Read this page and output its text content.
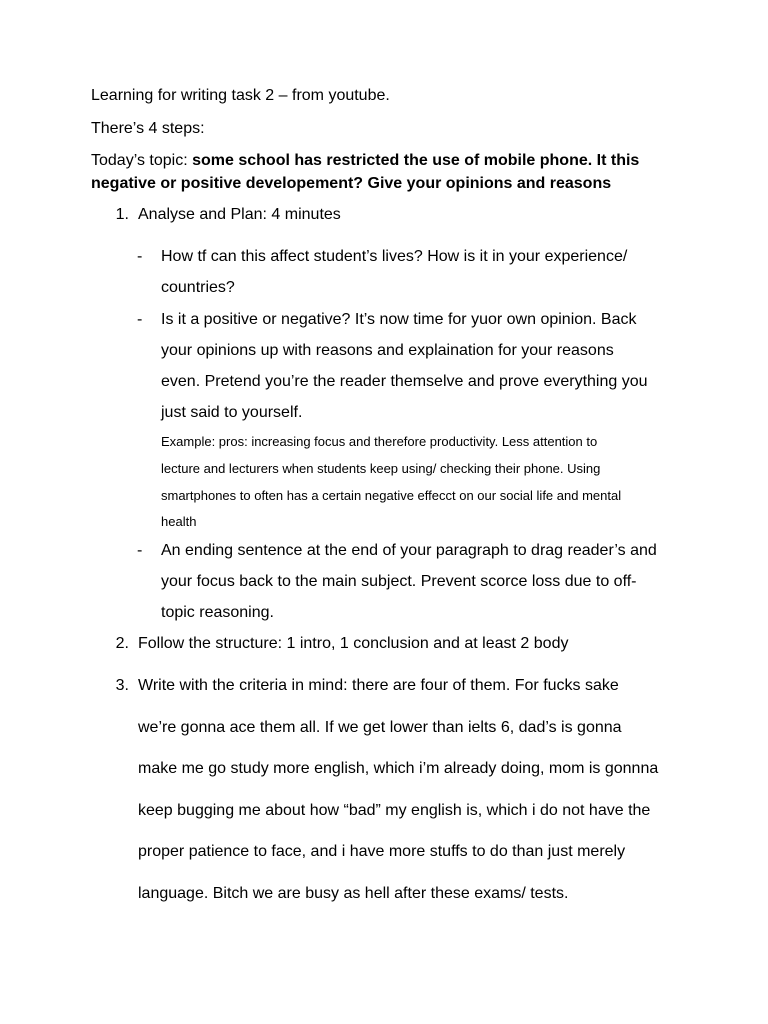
Learning for writing task 2 – from youtube.
There’s 4 steps:
Today’s topic: some school has restricted the use of mobile phone. It this
negative or positive developement? Give your opinions and reasons
1. Analyse and Plan: 4 minutes
- How tf can this affect student’s lives? How is it in your experience/
countries?
- Is it a positive or negative? It’s now time for yuor own opinion. Back
your opinions up with reasons and explaination for your reasons
even. Pretend you’re the reader themselve and prove everything you
just said to yourself.
Example: pros: increasing focus and therefore productivity. Less attention to
lecture and lecturers when students keep using/ checking their phone. Using
smartphones to often has a certain negative effecct on our social life and mental
health
- An ending sentence at the end of your paragraph to drag reader’s and
your focus back to the main subject. Prevent scorce loss due to off-
topic reasoning.
2. Follow the structure: 1 intro, 1 conclusion and at least 2 body
3. Write with the criteria in mind: there are four of them. For fucks sake
we’re gonna ace them all. If we get lower than ielts 6, dad’s is gonna
make me go study more english, which i’m already doing, mom is gonnna
keep bugging me about how “bad” my english is, which i do not have the
proper patience to face, and i have more stuffs to do than just merely
language. Bitch we are busy as hell after these exams/ tests.
